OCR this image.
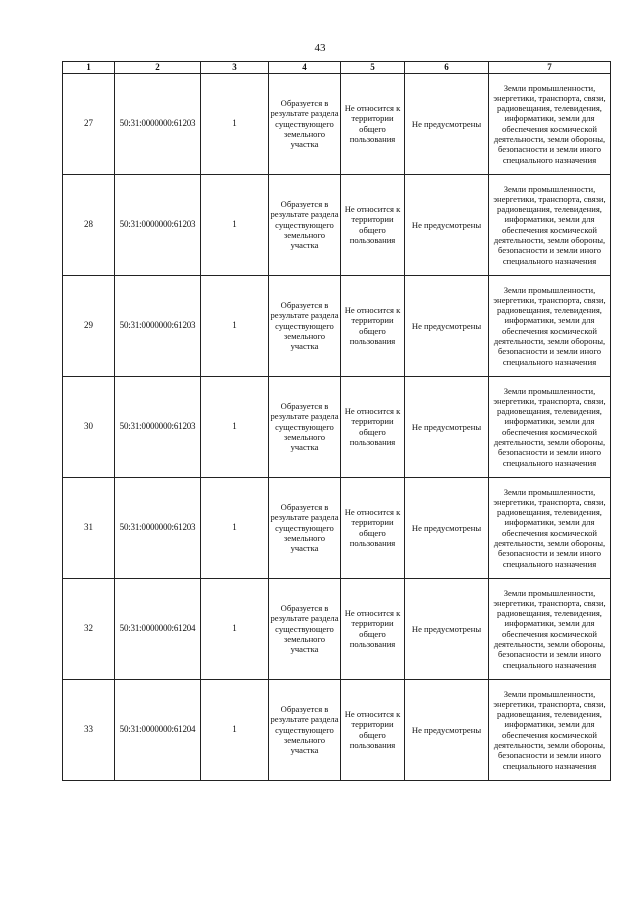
43
1	2	3	4	5	6	7
27	50:31:0000000:61203	1	Образуется в результате раздела существующего земельного участка	Не относится к территории общего пользования	Не предусмотрены	Земли промышленности, энергетики, транспорта, связи, радиовещания, телевидения, информатики, земли для обеспечения космической деятельности, земли обороны, безопасности и земли иного специального назначения
28	50:31:0000000:61203	1	Образуется в результате раздела существующего земельного участка	Не относится к территории общего пользования	Не предусмотрены	Земли промышленности, энергетики, транспорта, связи, радиовещания, телевидения, информатики, земли для обеспечения космической деятельности, земли обороны, безопасности и земли иного специального назначения
29	50:31:0000000:61203	1	Образуется в результате раздела существующего земельного участка	Не относится к территории общего пользования	Не предусмотрены	Земли промышленности, энергетики, транспорта, связи, радиовещания, телевидения, информатики, земли для обеспечения космической деятельности, земли обороны, безопасности и земли иного специального назначения
30	50:31:0000000:61203	1	Образуется в результате раздела существующего земельного участка	Не относится к территории общего пользования	Не предусмотрены	Земли промышленности, энергетики, транспорта, связи, радиовещания, телевидения, информатики, земли для обеспечения космической деятельности, земли обороны, безопасности и земли иного специального назначения
31	50:31:0000000:61203	1	Образуется в результате раздела существующего земельного участка	Не относится к территории общего пользования	Не предусмотрены	Земли промышленности, энергетики, транспорта, связи, радиовещания, телевидения, информатики, земли для обеспечения космической деятельности, земли обороны, безопасности и земли иного специального назначения
32	50:31:0000000:61204	1	Образуется в результате раздела существующего земельного участка	Не относится к территории общего пользования	Не предусмотрены	Земли промышленности, энергетики, транспорта, связи, радиовещания, телевидения, информатики, земли для обеспечения космической деятельности, земли обороны, безопасности и земли иного специального назначения
33	50:31:0000000:61204	1	Образуется в результате раздела существующего земельного участка	Не относится к территории общего пользования	Не предусмотрены	Земли промышленности, энергетики, транспорта, связи, радиовещания, телевидения, информатики, земли для обеспечения космической деятельности, земли обороны, безопасности и земли иного специального назначения
